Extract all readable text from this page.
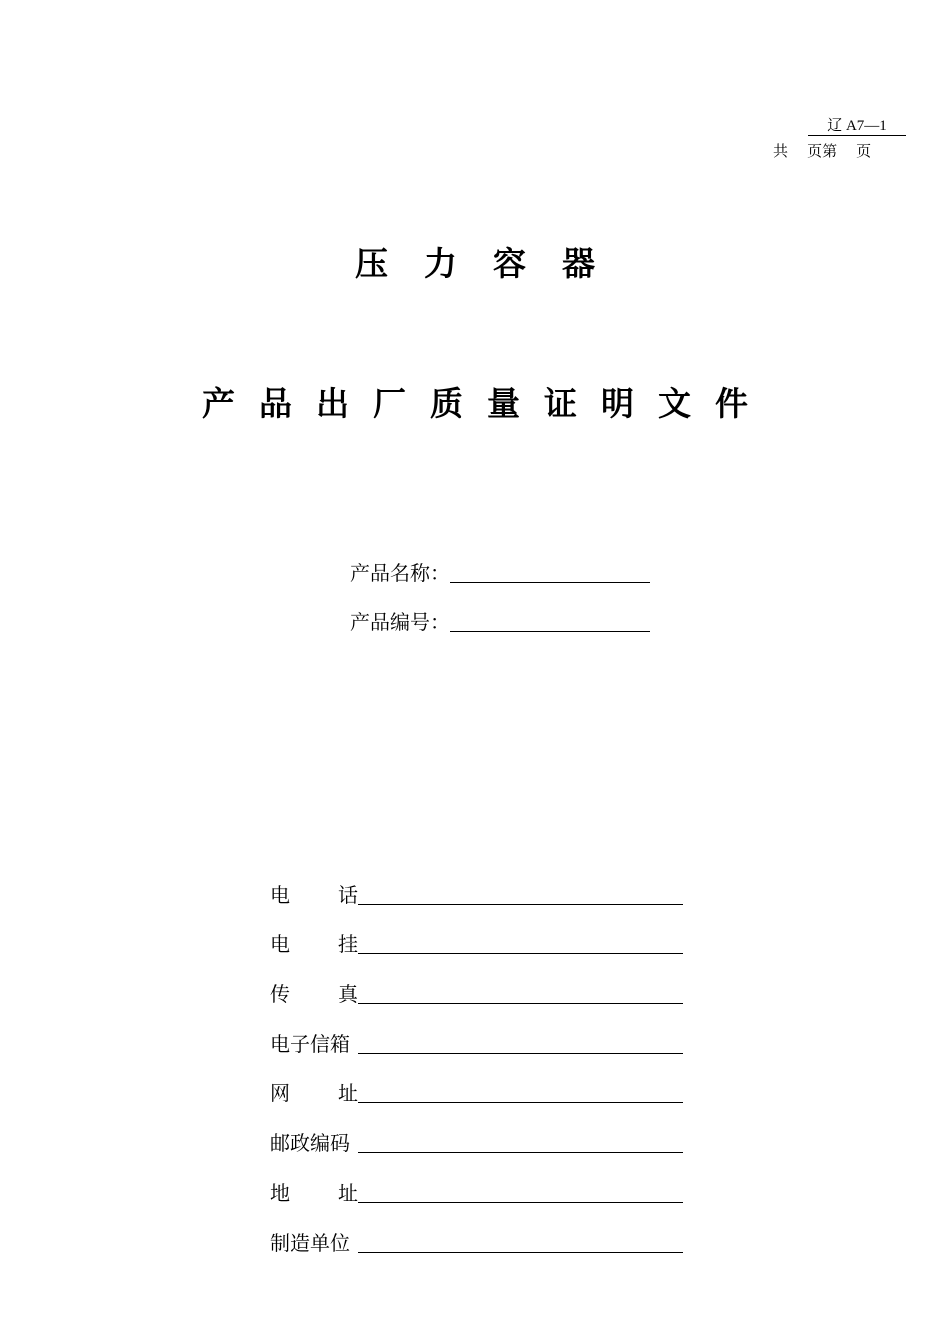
辽 A7—1
共    页第    页
压力容器
产品出厂质量证明文件
产品名称：
产品编号：
电 话
电 挂
传 真
电子信箱
网 址
邮政编码
地 址
制造单位
